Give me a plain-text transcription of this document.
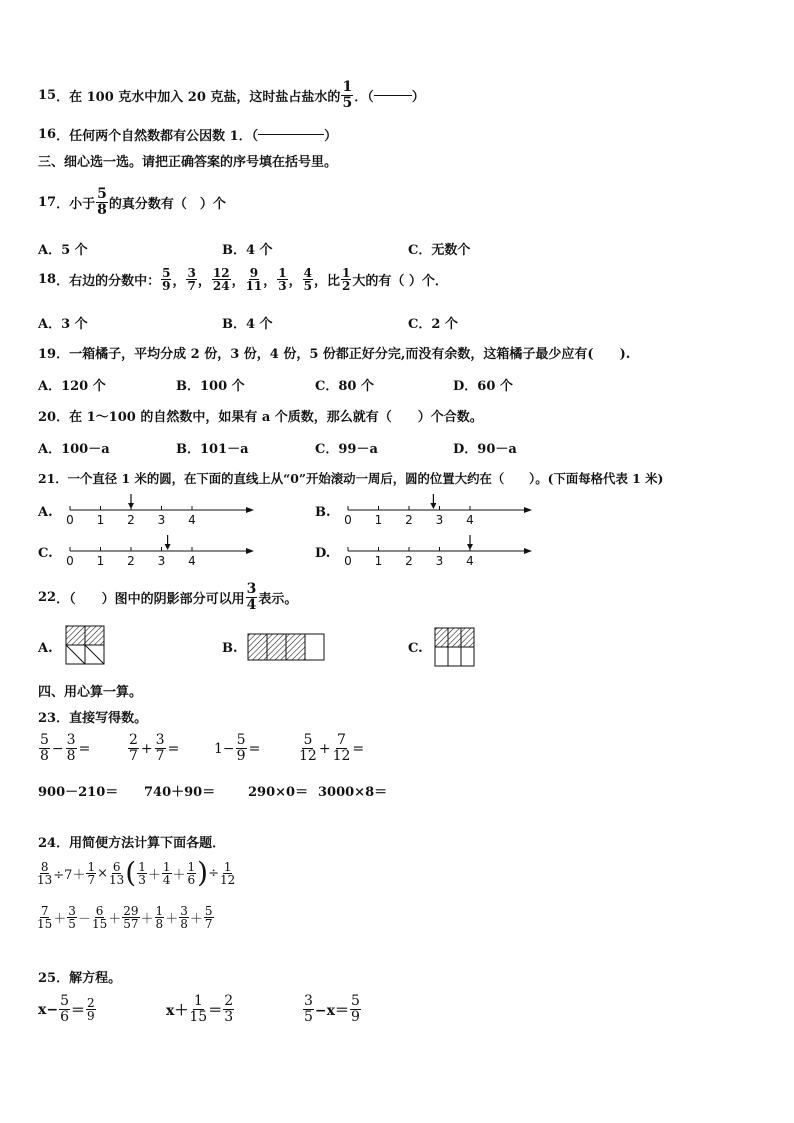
15 ．在 100 克水中加入 20 克盐，这时盐占盐水的 $\frac{1}{5}$ ．（	）
16 ．任何两个自然数都有公因数 1．（	）
三、细心选一选。请把正确答案的序号填在括号里。
17 ．小于 $\frac{5}{8}$ 的真分数有（　）个
A．5 个	B．4 个	C．无数个
18 ．右边的分数中： $\frac{5}{9}$ ， $\frac{3}{7}$ ， $\frac{12}{24}$ ， $\frac{9}{11}$ ， $\frac{1}{3}$ ， $\frac{4}{5}$ ，比 $\frac{1}{2}$ 大的有（ ）个．
A．3 个	B．4 个	C．2 个
19．一箱橘子，平均分成 2 份，3 份，4 份，5 份都正好分完,而没有余数，这箱橘子最少应有(　　).
A．120 个	B．100 个	C．80 个	D．60 个
20．在 1～100 的自然数中，如果有 a 个质数，那么就有（　　）个合数。
A．100－a	B．101－a	C．99－a	D．90－a
21．一个直径 1 米的圆，在下面的直线上从“0”开始滚动一周后，圆的位置大约在（　　）。(下面每格代表 1 米)
A.	B.
C.	D.
0 1 2 3 4	0 1 2 3 4
0 1 2 3 4	0 1 2 3 4
22 ．（　　）图中的阴影部分可以用 $\frac{3}{4}$ 表示。
A.	B.	C.
四、用心算一算。
23．直接写得数。
$\frac{5}{8} - \frac{3}{8}$ =	$\frac{2}{7} + \frac{3}{7} = 1- \frac{5}{9}$ =	$\frac{5}{12} + \frac{7}{12}$ =
900－210＝ 740＋90＝	290×0＝ 3000×8＝
24．用简便方法计算下面各题．
$\frac{8}{13} \div 7+ \frac{1}{7} \times \frac{6}{13}$ ( $\frac{1}{3} + \frac{1}{4} + \frac{1}{6}$ ) ÷ $\frac{1}{12}$
$\frac{7}{15} + \frac{3}{5} - \frac{6}{15} + \frac{29}{57} + \frac{1}{8} + \frac{3}{8} + \frac{5}{7}$
25．解方程。
$x- \frac{5}{6} = \frac{2}{9}$	$x+ \frac{1}{15} = \frac{2}{3}$	$\frac{3}{5} -x= \frac{5}{9}$
